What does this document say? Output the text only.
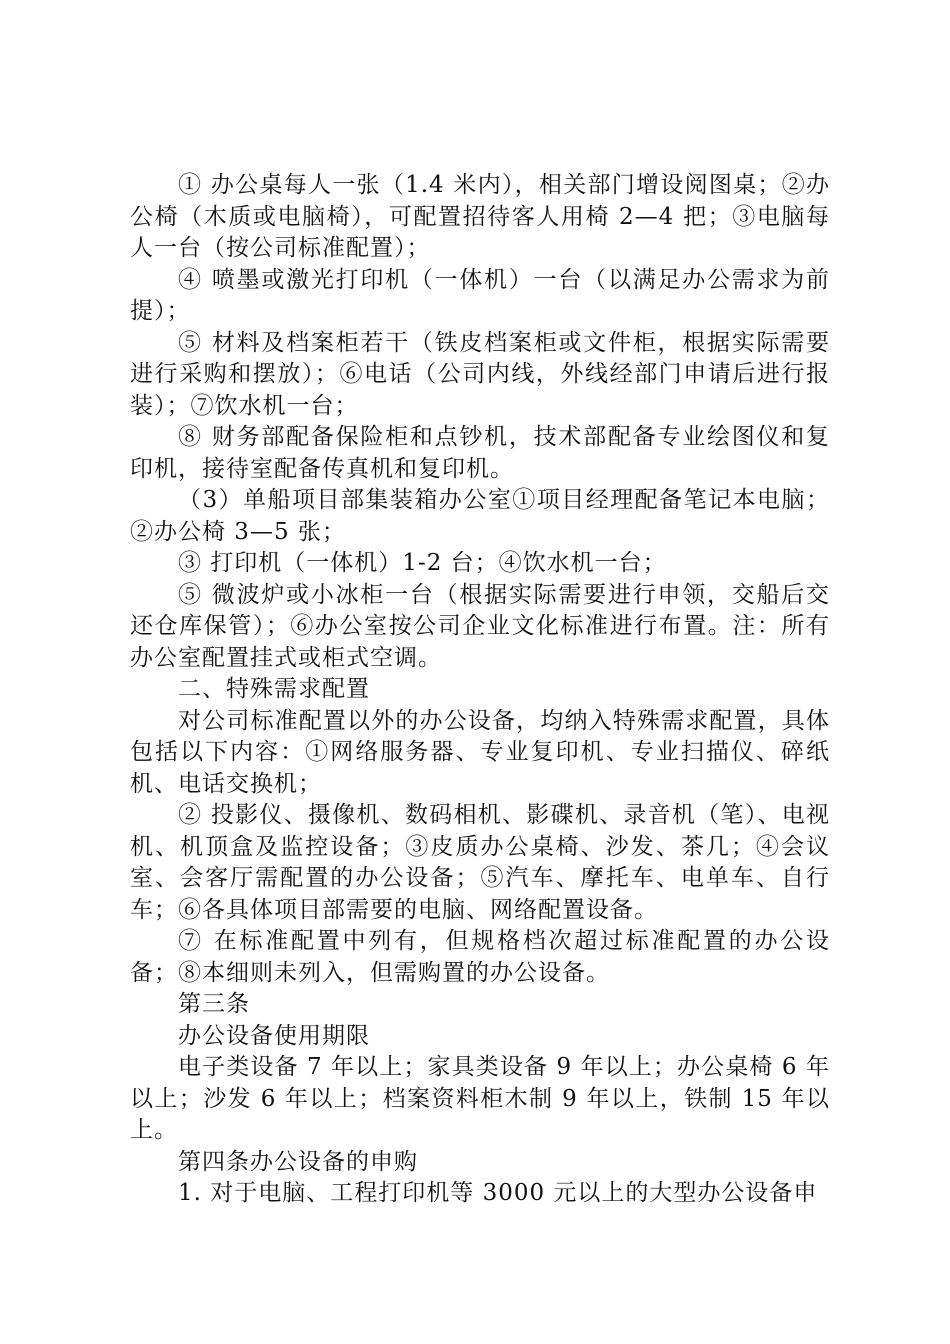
① 办公桌每人一张（1.4 米内），相关部门增设阅图桌；②办公椅（木质或电脑椅），可配置招待客人用椅 2—4 把；③电脑每人一台（按公司标准配置）；

④ 喷墨或激光打印机（一体机）一台（以满足办公需求为前提）；

⑤ 材料及档案柜若干（铁皮档案柜或文件柜，根据实际需要进行采购和摆放）；⑥电话（公司内线，外线经部门申请后进行报装）；⑦饮水机一台；

⑧ 财务部配备保险柜和点钞机，技术部配备专业绘图仪和复印机，接待室配备传真机和复印机。

（3）单船项目部集装箱办公室①项目经理配备笔记本电脑；②办公椅 3—5 张；

③ 打印机（一体机）1-2 台；④饮水机一台；

⑤ 微波炉或小冰柜一台（根据实际需要进行申领，交船后交还仓库保管）；⑥办公室按公司企业文化标准进行布置。注：所有办公室配置挂式或柜式空调。

二、特殊需求配置

对公司标准配置以外的办公设备，均纳入特殊需求配置，具体包括以下内容：①网络服务器、专业复印机、专业扫描仪、碎纸机、电话交换机；

② 投影仪、摄像机、数码相机、影碟机、录音机（笔）、电视机、机顶盒及监控设备；③皮质办公桌椅、沙发、茶几；④会议室、会客厅需配置的办公设备；⑤汽车、摩托车、电单车、自行车；⑥各具体项目部需要的电脑、网络配置设备。

⑦ 在标准配置中列有，但规格档次超过标准配置的办公设备；⑧本细则未列入，但需购置的办公设备。

第三条

办公设备使用期限

电子类设备 7 年以上；家具类设备 9 年以上；办公桌椅 6 年以上；沙发 6 年以上；档案资料柜木制 9 年以上，铁制 15 年以上。

第四条办公设备的申购

1. 对于电脑、工程打印机等 3000 元以上的大型办公设备申
